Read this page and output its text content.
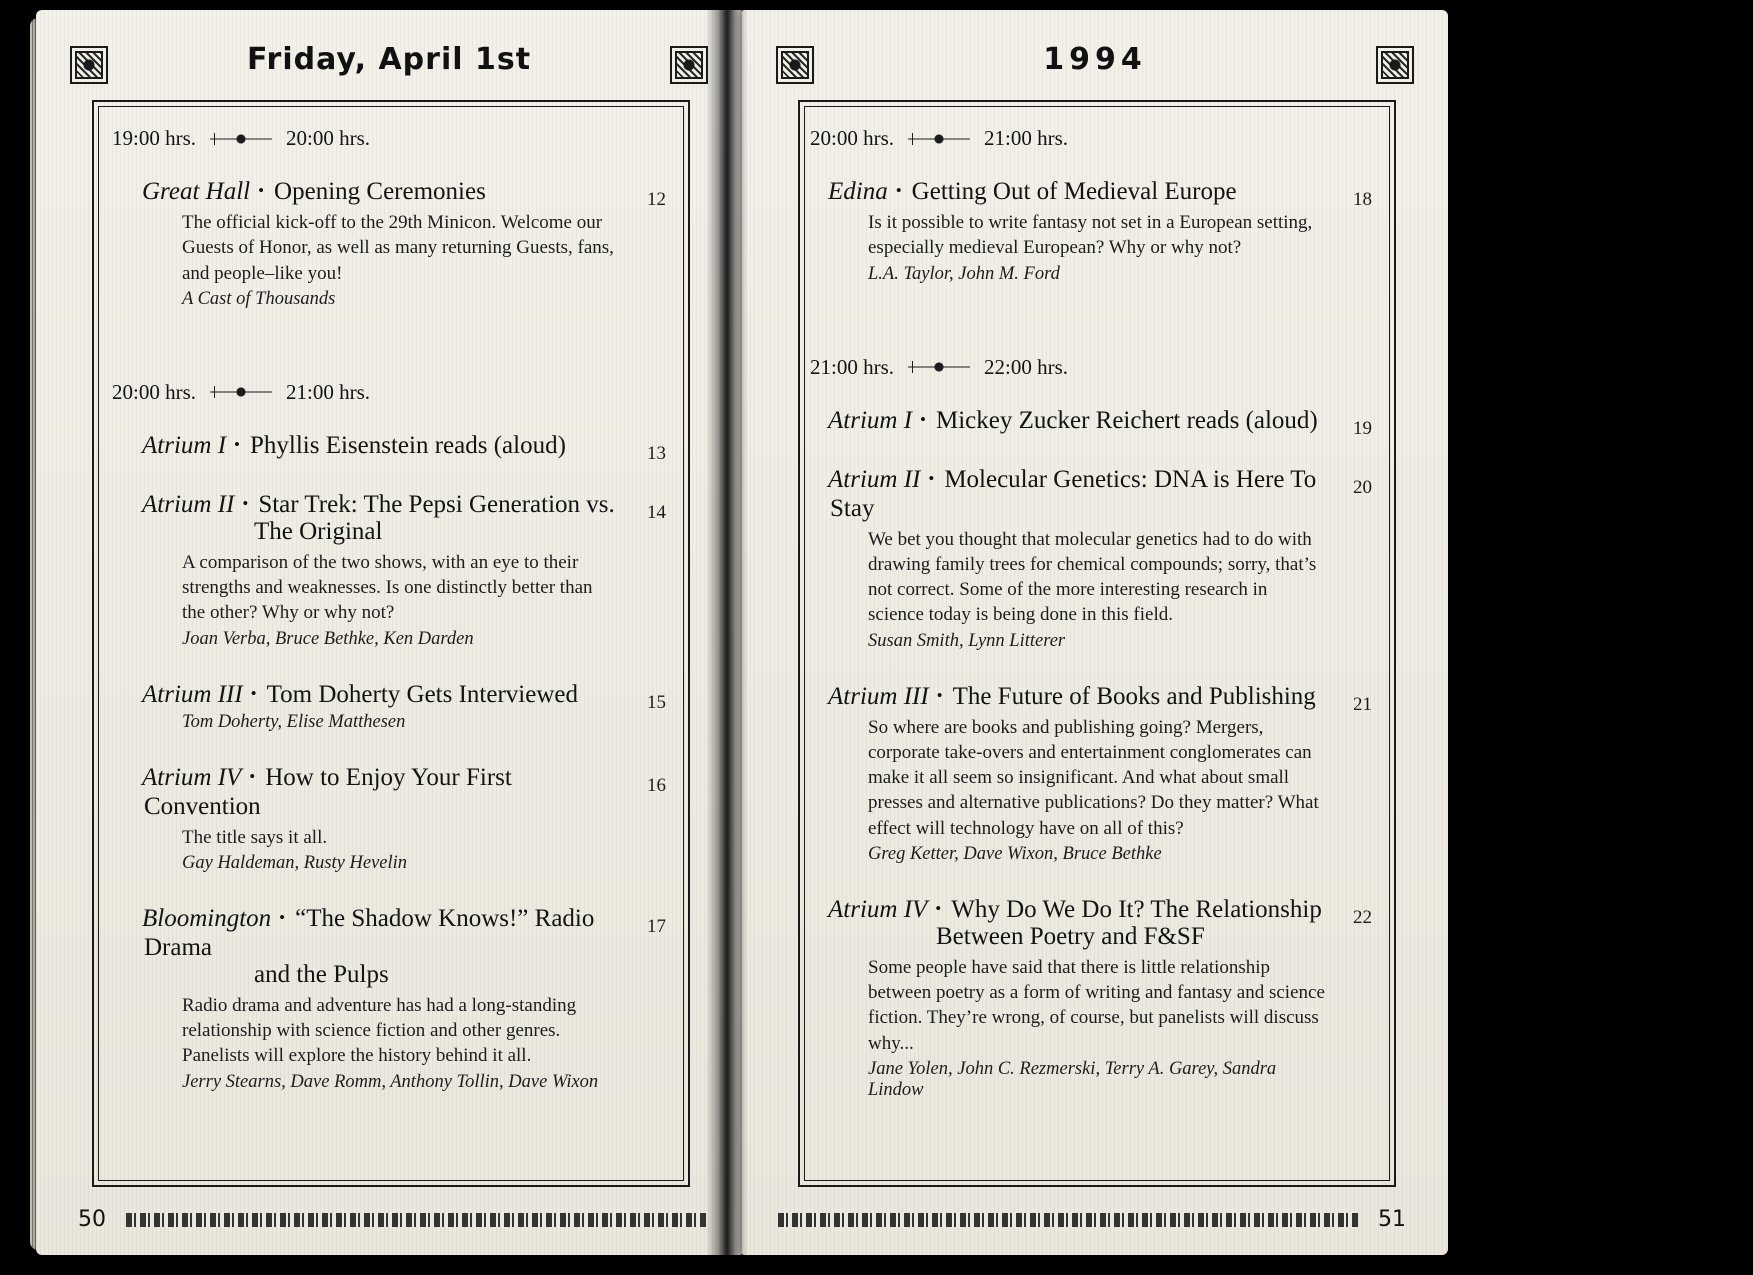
Friday, April 1st
19:00 hrs.	20:00 hrs.
Great Hall • Opening Ceremonies
The official kick-off to the 29th Minicon. Welcome our Guests of Honor, as well as many returning Guests, fans, and people–like you!
A Cast of Thousands
12
20:00 hrs.	21:00 hrs.
Atrium I • Phyllis Eisenstein reads (aloud)	13
Atrium II • Star Trek: The Pepsi Generation vs.
The Original
A comparison of the two shows, with an eye to their strengths and weaknesses. Is one distinctly better than the other? Why or why not?
Joan Verba, Bruce Bethke, Ken Darden
14
Atrium III • Tom Doherty Gets Interviewed
Tom Doherty, Elise Matthesen
15
Atrium IV • How to Enjoy Your First Convention
The title says it all.
Gay Haldeman, Rusty Hevelin
16
Bloomington • “The Shadow Knows!” Radio Drama
and the Pulps
Radio drama and adventure has had a long-standing relationship with science fiction and other genres. Panelists will explore the history behind it all.
Jerry Stearns, Dave Romm, Anthony Tollin, Dave Wixon
17
50
1994
20:00 hrs.	21:00 hrs.
Edina • Getting Out of Medieval Europe
Is it possible to write fantasy not set in a European setting, especially medieval European? Why or why not?
L.A. Taylor, John M. Ford
18
21:00 hrs.	22:00 hrs.
Atrium I • Mickey Zucker Reichert reads (aloud)	19
Atrium II • Molecular Genetics: DNA is Here To Stay
We bet you thought that molecular genetics had to do with drawing family trees for chemical compounds; sorry, that’s not correct. Some of the more interesting research in science today is being done in this field.
Susan Smith, Lynn Litterer
20
Atrium III • The Future of Books and Publishing
So where are books and publishing going? Mergers, corporate take-overs and entertainment conglomerates can make it all seem so insignificant. And what about small presses and alternative publications? Do they matter? What effect will technology have on all of this?
Greg Ketter, Dave Wixon, Bruce Bethke
21
Atrium IV • Why Do We Do It? The Relationship
Between Poetry and F&SF
Some people have said that there is little relationship between poetry as a form of writing and fantasy and science fiction. They’re wrong, of course, but panelists will discuss why...
Jane Yolen, John C. Rezmerski, Terry A. Garey, Sandra Lindow
22
51
